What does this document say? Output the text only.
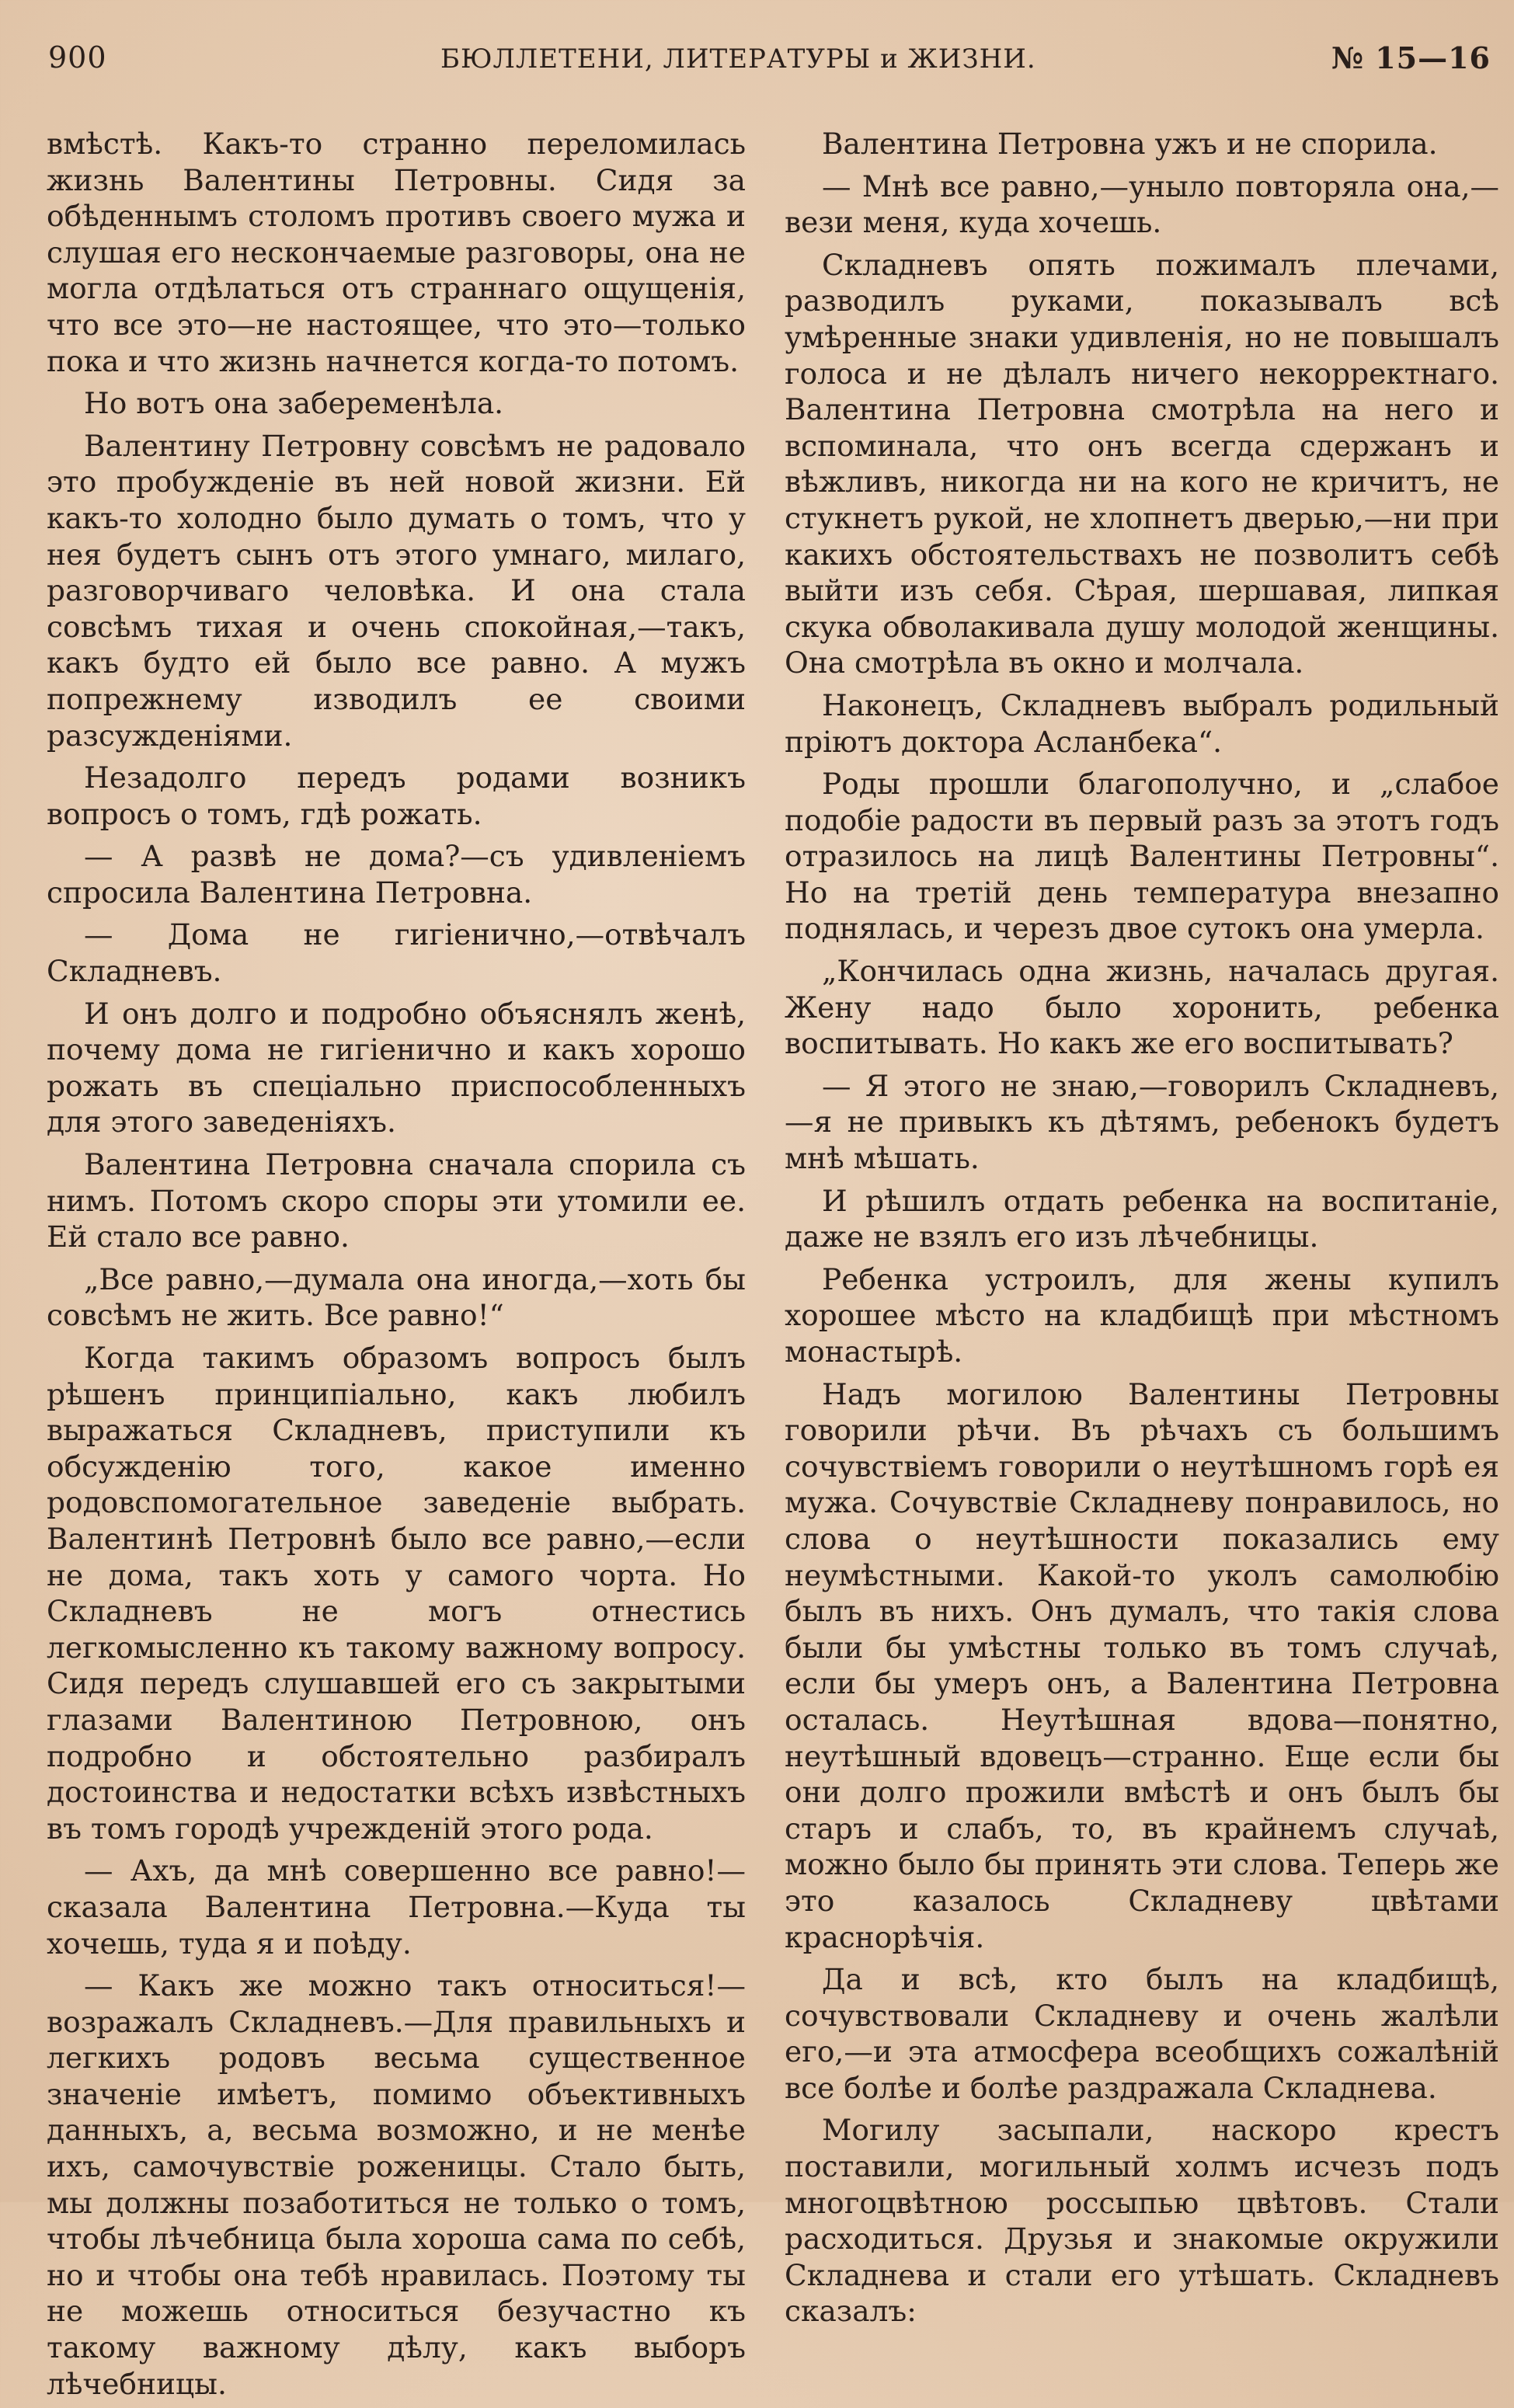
900	БЮЛЛЕТЕНИ, ЛИТЕРАТУРЫ и ЖИЗНИ.	№ 15—16

вмѣстѣ. Какъ-то странно переломилась жизнь Валентины Петровны. Сидя за обѣденнымъ столомъ противъ своего мужа и слушая его нескончаемые разговоры, она не могла отдѣлаться отъ страннаго ощущенія, что все это—не настоящее, что это—только пока и что жизнь начнется когда-то потомъ.

Но вотъ она забеременѣла.

Валентину Петровну совсѣмъ не радовало это пробужденіе въ ней новой жизни. Ей какъ-то холодно было думать о томъ, что у нея будетъ сынъ отъ этого умнаго, милаго, разговорчиваго человѣка. И она стала совсѣмъ тихая и очень спокойная,—такъ, какъ будто ей было все равно. А мужъ попрежнему изводилъ ее своими разсужденіями.

Незадолго передъ родами возникъ вопросъ о томъ, гдѣ рожать.

— А развѣ не дома?—съ удивленіемъ спросила Валентина Петровна.

— Дома не гигіенично,—отвѣчалъ Складневъ.

И онъ долго и подробно объяснялъ женѣ, почему дома не гигіенично и какъ хорошо рожать въ спеціально приспособленныхъ для этого заведеніяхъ.

Валентина Петровна сначала спорила съ нимъ. Потомъ скоро споры эти утомили ее. Ей стало все равно.

„Все равно,—думала она иногда,—хоть бы совсѣмъ не жить. Все равно!“

Когда такимъ образомъ вопросъ былъ рѣшенъ принципіально, какъ любилъ выражаться Складневъ, приступили къ обсужденію того, какое именно родовспомогательное заведеніе выбрать. Валентинѣ Петровнѣ было все равно,—если не дома, такъ хоть у самого чорта. Но Складневъ не могъ отнестись легкомысленно къ такому важному вопросу. Сидя передъ слушавшей его съ закрытыми глазами Валентиною Петровною, онъ подробно и обстоятельно разбиралъ достоинства и недостатки всѣхъ извѣстныхъ въ томъ городѣ учрежденій этого рода.

— Ахъ, да мнѣ совершенно все равно!—сказала Валентина Петровна.—Куда ты хочешь, туда я и поѣду.

— Какъ же можно такъ относиться!—возражалъ Складневъ.—Для правильныхъ и легкихъ родовъ весьма существенное значеніе имѣетъ, помимо объективныхъ данныхъ, а, весьма возможно, и не менѣе ихъ, самочувствіе роженицы. Стало быть, мы должны позаботиться не только о томъ, чтобы лѣчебница была хороша сама по себѣ, но и чтобы она тебѣ нравилась. Поэтому ты не можешь относиться безучастно къ такому важному дѣлу, какъ выборъ лѣчебницы.

Валентина Петровна ужъ и не спорила.

— Мнѣ все равно,—уныло повторяла она,—вези меня, куда хочешь.

Складневъ опять пожималъ плечами, разводилъ руками, показывалъ всѣ умѣренные знаки удивленія, но не повышалъ голоса и не дѣлалъ ничего некорректнаго. Валентина Петровна смотрѣла на него и вспоминала, что онъ всегда сдержанъ и вѣжливъ, никогда ни на кого не кричитъ, не стукнетъ рукой, не хлопнетъ дверью,—ни при какихъ обстоятельствахъ не позволитъ себѣ выйти изъ себя. Сѣрая, шершавая, липкая скука обволакивала душу молодой женщины. Она смотрѣла въ окно и молчала.

Наконецъ, Складневъ выбралъ родильный пріютъ доктора Асланбека“.

Роды прошли благополучно, и „слабое подобіе радости въ первый разъ за этотъ годъ отразилось на лицѣ Валентины Петровны“. Но на третій день температура внезапно поднялась, и черезъ двое сутокъ она умерла.

„Кончилась одна жизнь, началась другая. Жену надо было хоронить, ребенка воспитывать. Но какъ же его воспитывать?

— Я этого не знаю,—говорилъ Складневъ,—я не привыкъ къ дѣтямъ, ребенокъ будетъ мнѣ мѣшать.

И рѣшилъ отдать ребенка на воспитаніе, даже не взялъ его изъ лѣчебницы.

Ребенка устроилъ, для жены купилъ хорошее мѣсто на кладбищѣ при мѣстномъ монастырѣ.

Надъ могилою Валентины Петровны говорили рѣчи. Въ рѣчахъ съ большимъ сочувствіемъ говорили о неутѣшномъ горѣ ея мужа. Сочувствіе Складневу понравилось, но слова о неутѣшности показались ему неумѣстными. Какой-то уколъ самолюбію былъ въ нихъ. Онъ думалъ, что такія слова были бы умѣстны только въ томъ случаѣ, если бы умеръ онъ, а Валентина Петровна осталась. Неутѣшная вдова—понятно, неутѣшный вдовецъ—странно. Еще если бы они долго прожили вмѣстѣ и онъ былъ бы старъ и слабъ, то, въ крайнемъ случаѣ, можно было бы принять эти слова. Теперь же это казалось Складневу цвѣтами краснорѣчія.

Да и всѣ, кто былъ на кладбищѣ, сочувствовали Складневу и очень жалѣли его,—и эта атмосфера всеобщихъ сожалѣній все болѣе и болѣе раздражала Складнева.

Могилу засыпали, наскоро крестъ поставили, могильный холмъ исчезъ подъ многоцвѣтною россыпью цвѣтовъ. Стали расходиться. Друзья и знакомые окружили Складнева и стали его утѣшать. Складневъ сказалъ:
